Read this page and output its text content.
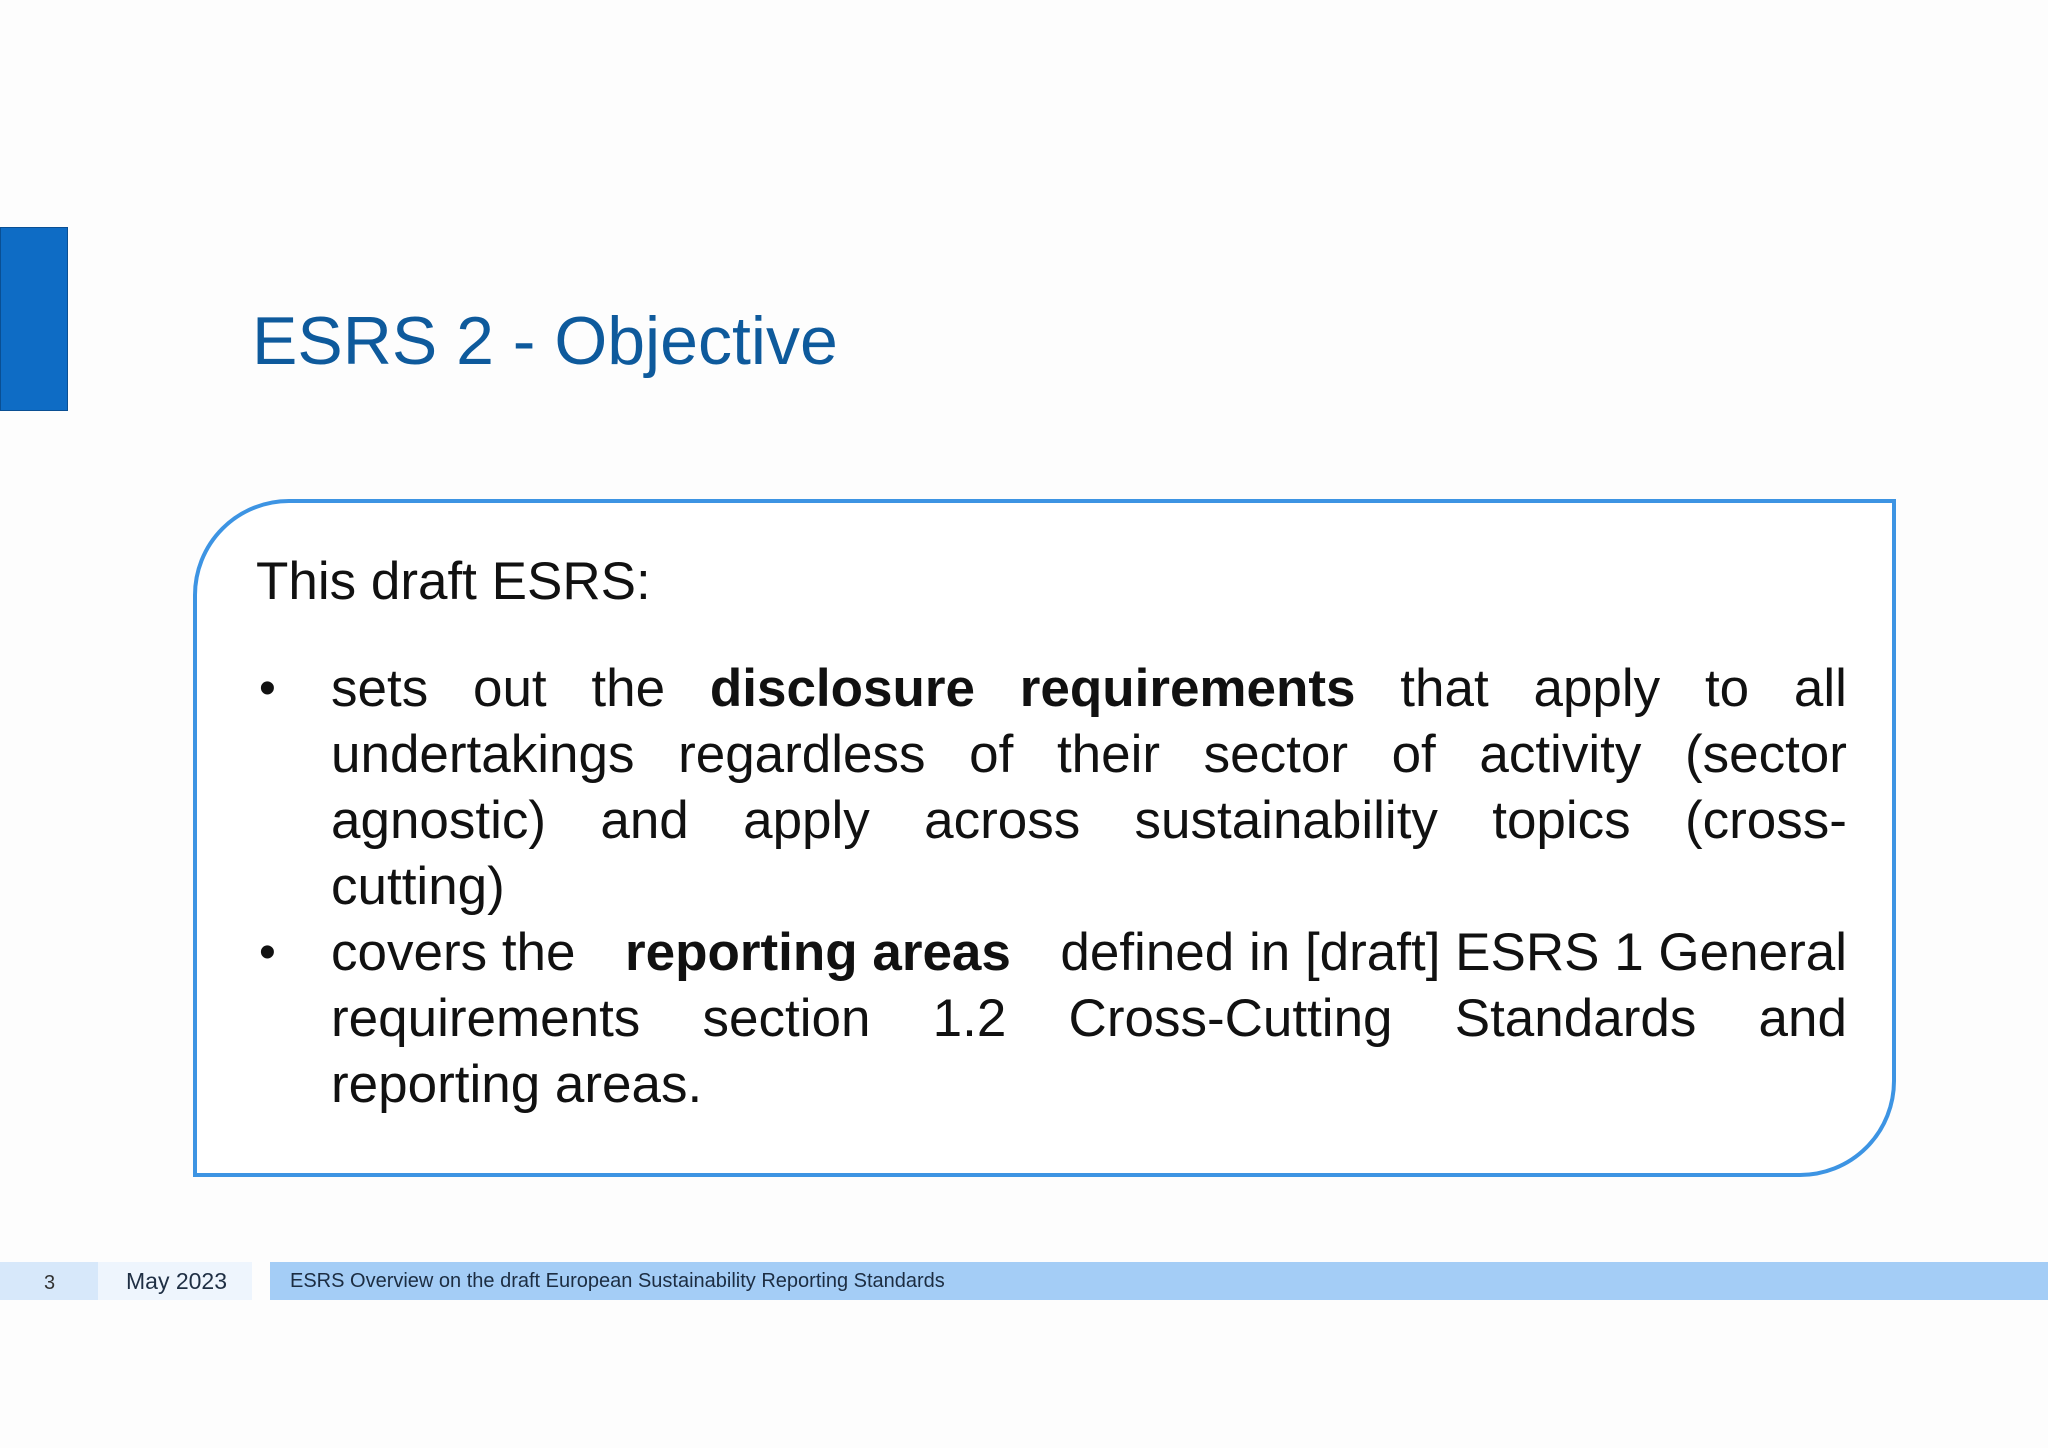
ESRS 2 - Objective

This draft ESRS:

• sets out the disclosure requirements that apply to all
undertakings regardless of their sector of activity (sector
agnostic) and apply across sustainability topics (cross-
cutting)
• covers the reporting areas defined in [draft] ESRS 1 General
requirements section 1.2 Cross-Cutting Standards and
reporting areas.
3	May 2023	ESRS Overview on the draft European Sustainability Reporting Standards
